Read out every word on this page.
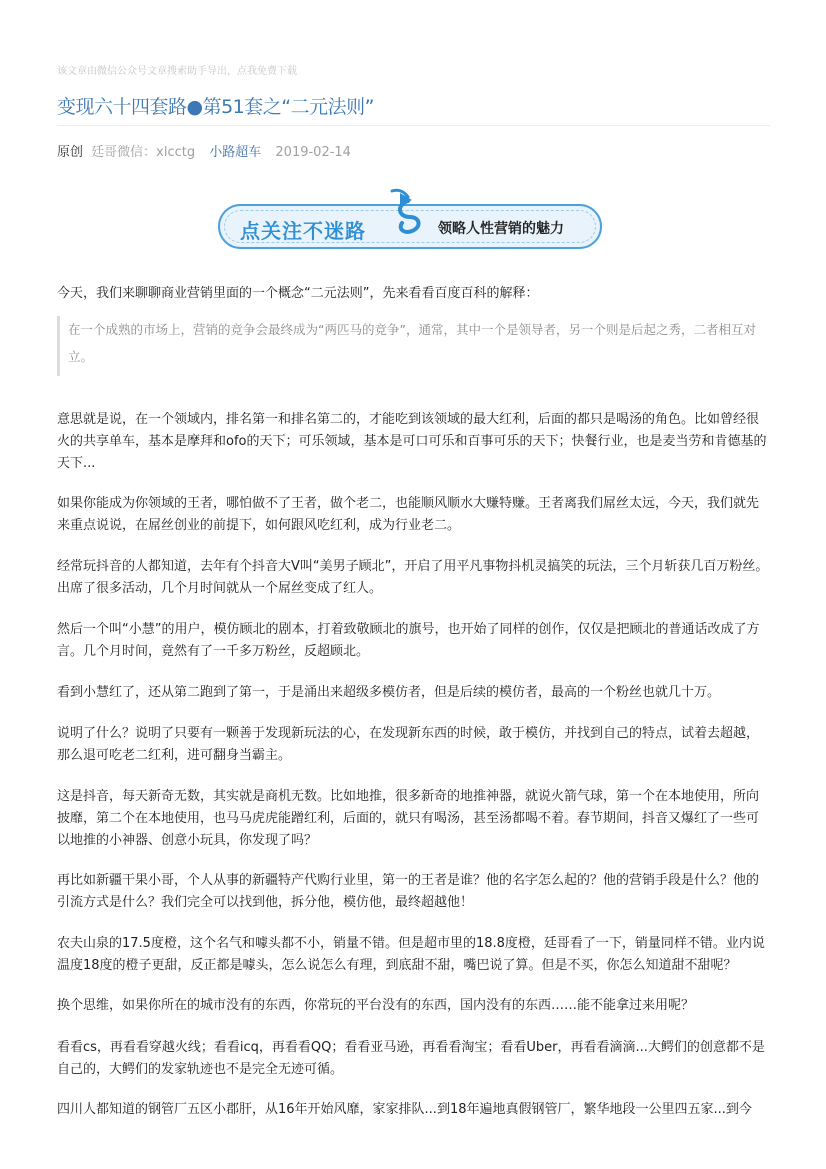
该文章由微信公众号文章搜索助手导出，点我免费下载
变现六十四套路●第51套之“二元法则”
原创 廷哥微信：xlcctg 小路超车 2019-02-14
点关注不迷路	领略人性营销的魅力

今天，我们来聊聊商业营销里面的一个概念“二元法则”，先来看看百度百科的解释：

在一个成熟的市场上，营销的竞争会最终成为“两匹马的竞争”，通常，其中一个是领导者，另一个则是后起之秀，二者相互对立。

意思就是说，在一个领域内，排名第一和排名第二的，才能吃到该领域的最大红利，后面的都只是喝汤的角色。比如曾经很火的共享单车，基本是摩拜和ofo的天下；可乐领域，基本是可口可乐和百事可乐的天下；快餐行业，也是麦当劳和肯德基的天下...

如果你能成为你领域的王者，哪怕做不了王者，做个老二，也能顺风顺水大赚特赚。王者离我们屌丝太远，今天，我们就先来重点说说，在屌丝创业的前提下，如何跟风吃红利，成为行业老二。

经常玩抖音的人都知道，去年有个抖音大V叫“美男子顾北”，开启了用平凡事物抖机灵搞笑的玩法，三个月斩获几百万粉丝。出席了很多活动，几个月时间就从一个屌丝变成了红人。

然后一个叫“小慧”的用户，模仿顾北的剧本，打着致敬顾北的旗号，也开始了同样的创作，仅仅是把顾北的普通话改成了方言。几个月时间，竟然有了一千多万粉丝，反超顾北。

看到小慧红了，还从第二跑到了第一，于是涌出来超级多模仿者，但是后续的模仿者，最高的一个粉丝也就几十万。

说明了什么？说明了只要有一颗善于发现新玩法的心，在发现新东西的时候，敢于模仿，并找到自己的特点，试着去超越，那么退可吃老二红利，进可翻身当霸主。

这是抖音，每天新奇无数，其实就是商机无数。比如地推，很多新奇的地推神器，就说火箭气球，第一个在本地使用，所向披靡，第二个在本地使用，也马马虎虎能蹭红利，后面的，就只有喝汤，甚至汤都喝不着。春节期间，抖音又爆红了一些可以地推的小神器、创意小玩具，你发现了吗？

再比如新疆干果小哥，个人从事的新疆特产代购行业里，第一的王者是谁？他的名字怎么起的？他的营销手段是什么？他的引流方式是什么？我们完全可以找到他，拆分他，模仿他，最终超越他！

农夫山泉的17.5度橙，这个名气和噱头都不小，销量不错。但是超市里的18.8度橙，廷哥看了一下，销量同样不错。业内说温度18度的橙子更甜，反正都是噱头，怎么说怎么有理，到底甜不甜，嘴巴说了算。但是不买，你怎么知道甜不甜呢？

换个思维，如果你所在的城市没有的东西，你常玩的平台没有的东西，国内没有的东西……能不能拿过来用呢？

看看cs，再看看穿越火线；看看icq，再看看QQ；看看亚马逊，再看看淘宝；看看Uber，再看看滴滴...大鳄们的创意都不是自己的，大鳄们的发家轨迹也不是完全无迹可循。

四川人都知道的钢管厂五区小郡肝，从16年开始风靡，家家排队...到18年遍地真假钢管厂，繁华地段一公里四五家...到今
